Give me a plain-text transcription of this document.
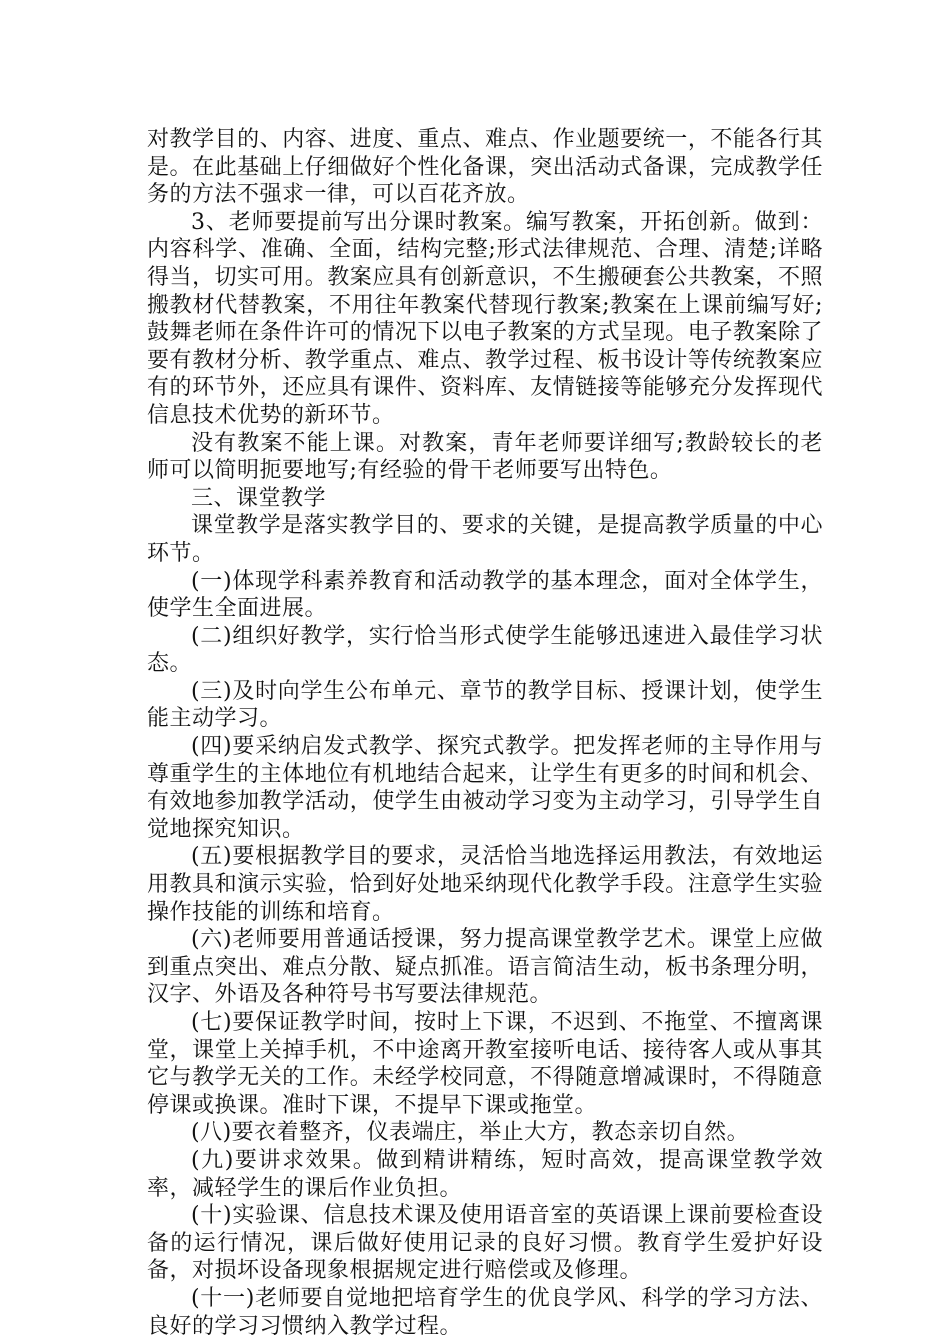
对教学目的、内容、进度、重点、难点、作业题要统一，不能各行其是。在此基础上仔细做好个性化备课，突出活动式备课，完成教学任务的方法不强求一律，可以百花齐放。

3、老师要提前写出分课时教案。编写教案，开拓创新。做到：内容科学、准确、全面，结构完整;形式法律规范、合理、清楚;详略得当，切实可用。教案应具有创新意识，不生搬硬套公共教案，不照搬教材代替教案，不用往年教案代替现行教案;教案在上课前编写好;鼓舞老师在条件许可的情况下以电子教案的方式呈现。电子教案除了要有教材分析、教学重点、难点、教学过程、板书设计等传统教案应有的环节外，还应具有课件、资料库、友情链接等能够充分发挥现代信息技术优势的新环节。

没有教案不能上课。对教案，青年老师要详细写;教龄较长的老师可以简明扼要地写;有经验的骨干老师要写出特色。

三、课堂教学

课堂教学是落实教学目的、要求的关键，是提高教学质量的中心环节。

(一)体现学科素养教育和活动教学的基本理念，面对全体学生，使学生全面进展。

(二)组织好教学，实行恰当形式使学生能够迅速进入最佳学习状态。

(三)及时向学生公布单元、章节的教学目标、授课计划，使学生能主动学习。

(四)要采纳启发式教学、探究式教学。把发挥老师的主导作用与尊重学生的主体地位有机地结合起来，让学生有更多的时间和机会、有效地参加教学活动，使学生由被动学习变为主动学习，引导学生自觉地探究知识。

(五)要根据教学目的要求，灵活恰当地选择运用教法，有效地运用教具和演示实验，恰到好处地采纳现代化教学手段。注意学生实验操作技能的训练和培育。

(六)老师要用普通话授课，努力提高课堂教学艺术。课堂上应做到重点突出、难点分散、疑点抓准。语言简洁生动，板书条理分明，汉字、外语及各种符号书写要法律规范。

(七)要保证教学时间，按时上下课，不迟到、不拖堂、不擅离课堂，课堂上关掉手机，不中途离开教室接听电话、接待客人或从事其它与教学无关的工作。未经学校同意，不得随意增减课时，不得随意停课或换课。准时下课，不提早下课或拖堂。

(八)要衣着整齐，仪表端庄，举止大方，教态亲切自然。

(九)要讲求效果。做到精讲精练，短时高效，提高课堂教学效率，减轻学生的课后作业负担。

(十)实验课、信息技术课及使用语音室的英语课上课前要检查设备的运行情况，课后做好使用记录的良好习惯。教育学生爱护好设备，对损坏设备现象根据规定进行赔偿或及修理。

(十一)老师要自觉地把培育学生的优良学风、科学的学习方法、良好的学习习惯纳入教学过程。
